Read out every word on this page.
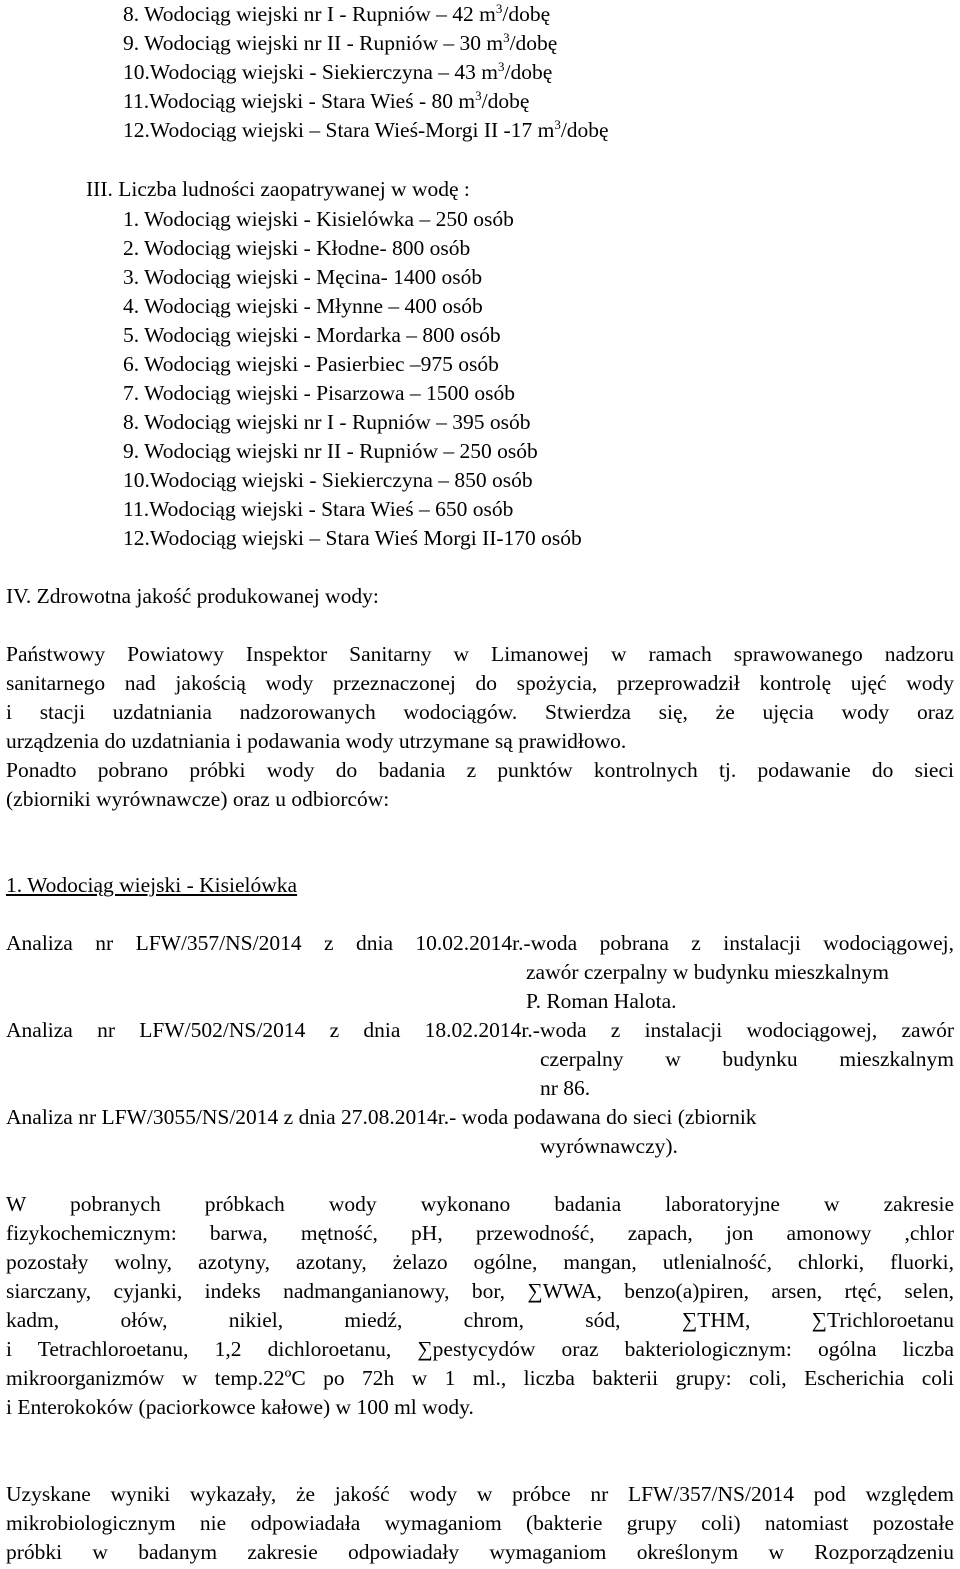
8. Wodociąg wiejski nr I - Rupniów – 42 $m^3$/dobę
9. Wodociąg wiejski nr II - Rupniów – 30 $m^3$/dobę
10.Wodociąg wiejski - Siekierczyna – 43 $m^3$/dobę
11.Wodociąg wiejski - Stara Wieś - 80 $m^3$/dobę
12.Wodociąg wiejski – Stara Wieś-Morgi II -17 $m^3$/dobę
III. Liczba ludności zaopatrywanej w wodę :
1. Wodociąg wiejski - Kisielówka – 250 osób
2. Wodociąg wiejski - Kłodne- 800 osób
3. Wodociąg wiejski - Męcina- 1400 osób
4. Wodociąg wiejski - Młynne – 400 osób
5. Wodociąg wiejski - Mordarka – 800 osób
6. Wodociąg wiejski - Pasierbiec –975 osób
7. Wodociąg wiejski - Pisarzowa – 1500 osób
8. Wodociąg wiejski nr I - Rupniów – 395 osób
9. Wodociąg wiejski nr II - Rupniów – 250 osób
10.Wodociąg wiejski - Siekierczyna – 850 osób
11.Wodociąg wiejski - Stara Wieś – 650 osób
12.Wodociąg wiejski – Stara Wieś Morgi II-170 osób
IV. Zdrowotna jakość produkowanej wody:
Państwowy Powiatowy Inspektor Sanitarny w Limanowej w ramach sprawowanego nadzoru
sanitarnego nad jakością wody przeznaczonej do spożycia, przeprowadził kontrolę ujęć wody
i stacji uzdatniania nadzorowanych wodociągów. Stwierdza się, że ujęcia wody oraz
urządzenia do uzdatniania i podawania wody utrzymane są prawidłowo.
Ponadto pobrano próbki wody do badania z punktów kontrolnych tj. podawanie do sieci
(zbiorniki wyrównawcze) oraz u odbiorców:
1. Wodociąg wiejski - Kisielówka
Analiza nr LFW/357/NS/2014 z dnia 10.02.2014r.-woda pobrana z instalacji wodociągowej,
zawór czerpalny w budynku mieszkalnym
P. Roman Halota.
Analiza nr LFW/502/NS/2014 z dnia 18.02.2014r.-woda z instalacji wodociągowej, zawór
czerpalny w budynku mieszkalnym
nr 86.
Analiza nr LFW/3055/NS/2014 z dnia 27.08.2014r.- woda podawana do sieci (zbiornik
wyrównawczy).
W pobranych próbkach wody wykonano badania laboratoryjne w zakresie
fizykochemicznym: barwa, mętność, pH, przewodność, zapach, jon amonowy ,chlor
pozostały wolny, azotyny, azotany, żelazo ogólne, mangan, utlenialność, chlorki, fluorki,
siarczany, cyjanki, indeks nadmanganianowy, bor, ∑WWA, benzo(a)piren, arsen, rtęć, selen,
kadm, ołów, nikiel, miedź, chrom, sód, ∑THM, ∑Trichloroetanu
i Tetrachloroetanu, 1,2 dichloroetanu, ∑pestycydów oraz bakteriologicznym: ogólna liczba
mikroorganizmów w temp.22ºC po 72h w 1 ml., liczba bakterii grupy: coli, Escherichia coli
i Enterokoków (paciorkowce kałowe) w 100 ml wody.
Uzyskane wyniki wykazały, że jakość wody w próbce nr LFW/357/NS/2014 pod względem
mikrobiologicznym nie odpowiadała wymaganiom (bakterie grupy coli) natomiast pozostałe
próbki w badanym zakresie odpowiadały wymaganiom określonym w Rozporządzeniu
